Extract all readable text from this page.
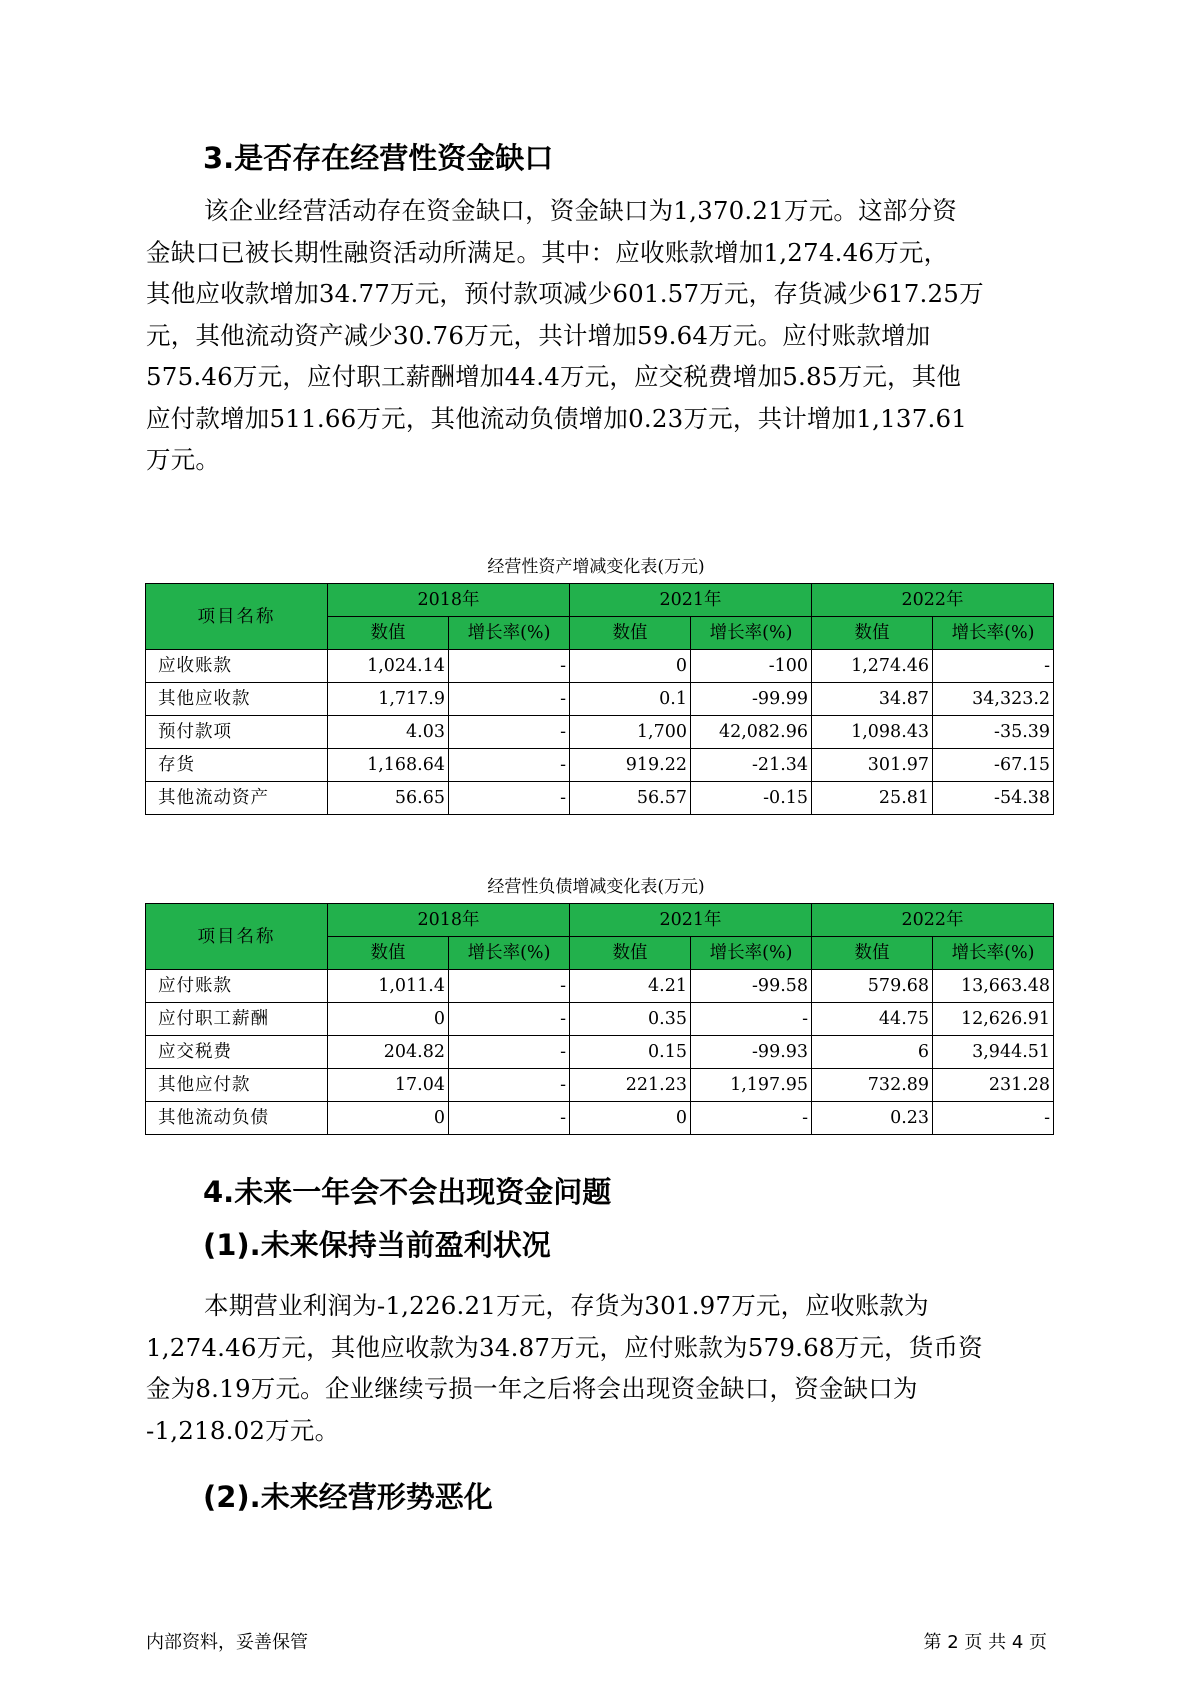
3.是否存在经营性资金缺口
该企业经营活动存在资金缺口，资金缺口为1,370.21万元。这部分资
金缺口已被长期性融资活动所满足。其中：应收账款增加1,274.46万元，
其他应收款增加34.77万元，预付款项减少601.57万元，存货减少617.25万
元，其他流动资产减少30.76万元，共计增加59.64万元。应付账款增加
575.46万元，应付职工薪酬增加44.4万元，应交税费增加5.85万元，其他
应付款增加511.66万元，其他流动负债增加0.23万元，共计增加1,137.61
万元。
经营性资产增减变化表(万元)
项目名称	2018年		2021年		2022年	
	数值	增长率(%)	数值	增长率(%)	数值	增长率(%)
应收账款	1,024.14	-	0	-100	1,274.46	-
其他应收款	1,717.9	-	0.1	-99.99	34.87	34,323.2
预付款项	4.03	-	1,700	42,082.96	1,098.43	-35.39
存货	1,168.64	-	919.22	-21.34	301.97	-67.15
其他流动资产	56.65	-	56.57	-0.15	25.81	-54.38
经营性负债增减变化表(万元)
项目名称	2018年		2021年		2022年	
	数值	增长率(%)	数值	增长率(%)	数值	增长率(%)
应付账款	1,011.4	-	4.21	-99.58	579.68	13,663.48
应付职工薪酬	0	-	0.35	-	44.75	12,626.91
应交税费	204.82	-	0.15	-99.93	6	3,944.51
其他应付款	17.04	-	221.23	1,197.95	732.89	231.28
其他流动负债	0	-	0	-	0.23	-
4.未来一年会不会出现资金问题
(1).未来保持当前盈利状况
本期营业利润为-1,226.21万元，存货为301.97万元，应收账款为
1,274.46万元，其他应收款为34.87万元，应付账款为579.68万元，货币资
金为8.19万元。企业继续亏损一年之后将会出现资金缺口，资金缺口为
-1,218.02万元。
(2).未来经营形势恶化
内部资料，妥善保管	第 2 页 共 4 页
